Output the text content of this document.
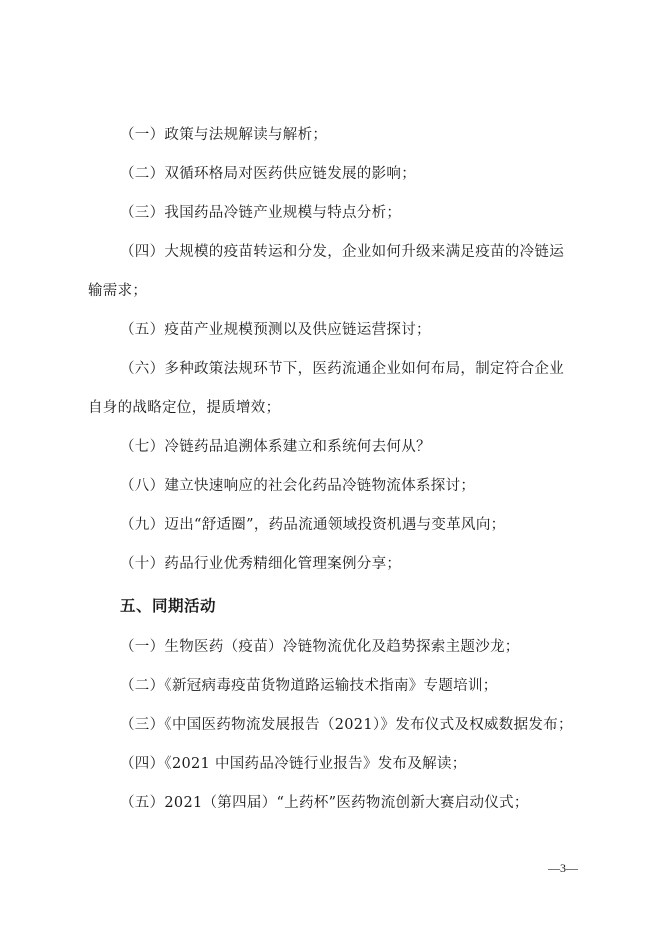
（一）政策与法规解读与解析；
（二）双循环格局对医药供应链发展的影响；
（三）我国药品冷链产业规模与特点分析；
（四）大规模的疫苗转运和分发，企业如何升级来满足疫苗的冷链运
输需求；
（五）疫苗产业规模预测以及供应链运营探讨；
（六）多种政策法规环节下，医药流通企业如何布局，制定符合企业
自身的战略定位，提质增效；
（七）冷链药品追溯体系建立和系统何去何从？
（八）建立快速响应的社会化药品冷链物流体系探讨；
（九）迈出“舒适圈”，药品流通领域投资机遇与变革风向；
（十）药品行业优秀精细化管理案例分享；
五、同期活动
（一）生物医药（疫苗）冷链物流优化及趋势探索主题沙龙；
（二）《新冠病毒疫苗货物道路运输技术指南》专题培训；
（三）《中国医药物流发展报告（2021）》发布仪式及权威数据发布；
（四）《2021 中国药品冷链行业报告》发布及解读；
（五）2021（第四届）“上药杯”医药物流创新大赛启动仪式；
—3—
